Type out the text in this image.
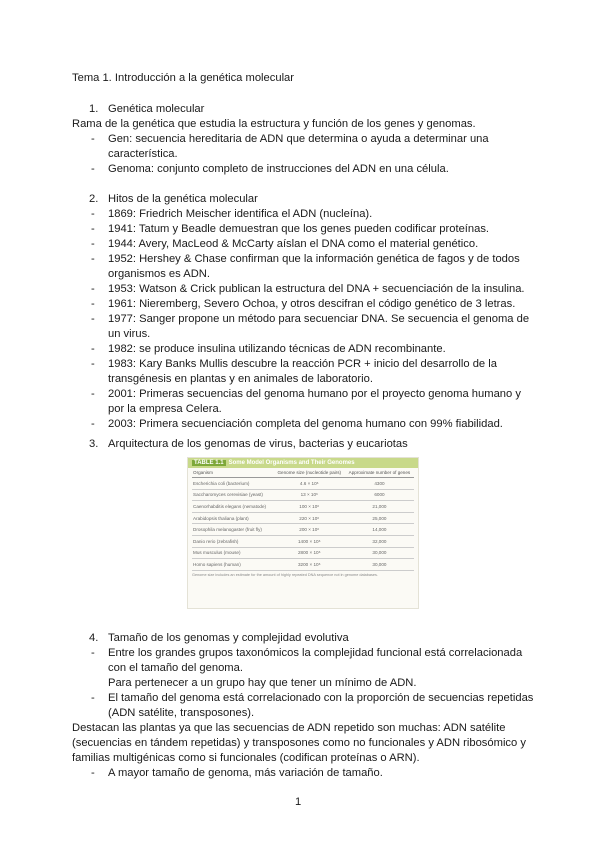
Tema 1. Introducción a la genética molecular
1. Genética molecular
Rama de la genética que estudia la estructura y función de los genes y genomas.
- Gen: secuencia hereditaria de ADN que determina o ayuda a determinar una característica.
- Genoma: conjunto completo de instrucciones del ADN en una célula.
2. Hitos de la genética molecular
- 1869: Friedrich Meischer identifica el ADN (nucleína).
- 1941: Tatum y Beadle demuestran que los genes pueden codificar proteínas.
- 1944: Avery, MacLeod & McCarty aíslan el DNA como el material genético.
- 1952: Hershey & Chase confirman que la información genética de fagos y de todos organismos es ADN.
- 1953: Watson & Crick publican la estructura del DNA + secuenciación de la insulina.
- 1961: Nieremberg, Severo Ochoa, y otros descifran el código genético de 3 letras.
- 1977: Sanger propone un método para secuenciar DNA. Se secuencia el genoma de un virus.
- 1982: se produce insulina utilizando técnicas de ADN recombinante.
- 1983: Kary Banks Mullis descubre la reacción PCR + inicio del desarrollo de la transgénesis en plantas y en animales de laboratorio.
- 2001: Primeras secuencias del genoma humano por el proyecto genoma humano y por la empresa Celera.
- 2003: Primera secuenciación completa del genoma humano con 99% fiabilidad.
3. Arquitectura de los genomas de virus, bacterias y eucariotas
TABLE 1.1 Some Model Organisms and Their Genomes
Organism	Genome size (nucleotide pairs)	Approximate number of genes
Escherichia coli (bacterium)	4.6 × 10⁶	4300
Saccharomyces cerevisiae (yeast)	13 × 10⁶	6000
Caenorhabditis elegans (nematode)	100 × 10⁶	21,000
Arabidopsis thaliana (plant)	220 × 10⁶	25,000
Drosophila melanogaster (fruit fly)	200 × 10⁶	14,000
Danio rerio (zebrafish)	1400 × 10⁶	32,000
Mus musculus (mouse)	2800 × 10⁶	30,000
Homo sapiens (human)	3200 × 10⁶	30,000
Genome size includes an estimate for the amount of highly repeated DNA sequence not in genome databases.
4. Tamaño de los genomas y complejidad evolutiva
- Entre los grandes grupos taxonómicos la complejidad funcional está correlacionada con el tamaño del genoma.
Para pertenecer a un grupo hay que tener un mínimo de ADN.
- El tamaño del genoma está correlacionado con la proporción de secuencias repetidas (ADN satélite, transposones).
Destacan las plantas ya que las secuencias de ADN repetido son muchas: ADN satélite (secuencias en tándem repetidas) y transposones como no funcionales y ADN ribosómico y familias multigénicas como si funcionales (codifican proteínas o ARN).
- A mayor tamaño de genoma, más variación de tamaño.
1
